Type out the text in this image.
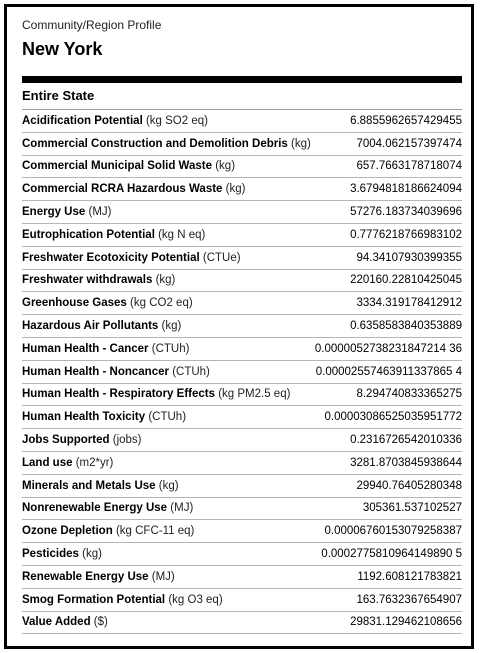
Community/Region Profile
New York
Entire State
Acidification Potential (kg SO2 eq)	6.8855962657429455
Commercial Construction and Demolition Debris (kg)	7004.062157397474
Commercial Municipal Solid Waste (kg)	657.7663178718074
Commercial RCRA Hazardous Waste (kg)	3.6794818186624094
Energy Use (MJ)	57276.183734039696
Eutrophication Potential (kg N eq)	0.7776218766983102
Freshwater Ecotoxicity Potential (CTUe)	94.34107930399355
Freshwater withdrawals (kg)	220160.22810425045
Greenhouse Gases (kg CO2 eq)	3334.319178412912
Hazardous Air Pollutants (kg)	0.6358583840353889
Human Health - Cancer (CTUh)	0.0000052738231847214 36
Human Health - Noncancer (CTUh)	0.00002557463911337865 4
Human Health - Respiratory Effects (kg PM2.5 eq)	8.294740833365275
Human Health Toxicity (CTUh)	0.00003086525035951772
Jobs Supported (jobs)	0.2316726542010336
Land use (m2*yr)	3281.8703845938644
Minerals and Metals Use (kg)	29940.76405280348
Nonrenewable Energy Use (MJ)	305361.537102527
Ozone Depletion (kg CFC-11 eq)	0.00006760153079258387
Pesticides (kg)	0.0002775810964149890 5
Renewable Energy Use (MJ)	1192.608121783821
Smog Formation Potential (kg O3 eq)	163.7632367654907
Value Added ($)	29831.129462108656
